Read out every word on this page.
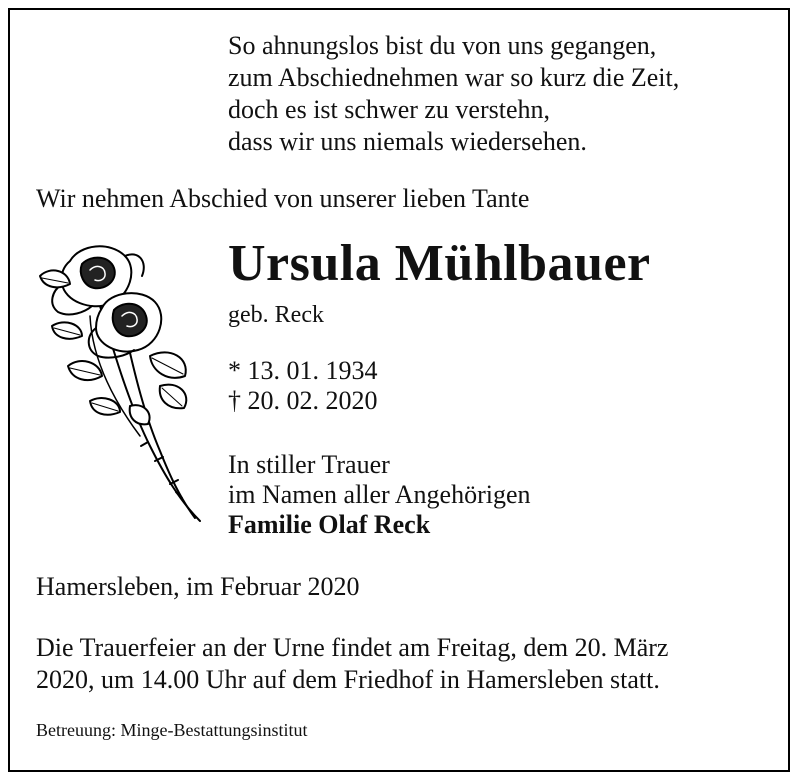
So ahnungslos bist du von uns gegangen,
zum Abschiednehmen war so kurz die Zeit,
doch es ist schwer zu verstehn,
dass wir uns niemals wiedersehen.
Wir nehmen Abschied von unserer lieben Tante
Ursula Mühlbauer
geb. Reck
* 13. 01. 1934
† 20. 02. 2020
In stiller Trauer
im Namen aller Angehörigen
Familie Olaf Reck
Hamersleben, im Februar 2020
Die Trauerfeier an der Urne findet am Freitag, dem 20. März
2020, um 14.00 Uhr auf dem Friedhof in Hamersleben statt.
Betreuung: Minge-Bestattungsinstitut
